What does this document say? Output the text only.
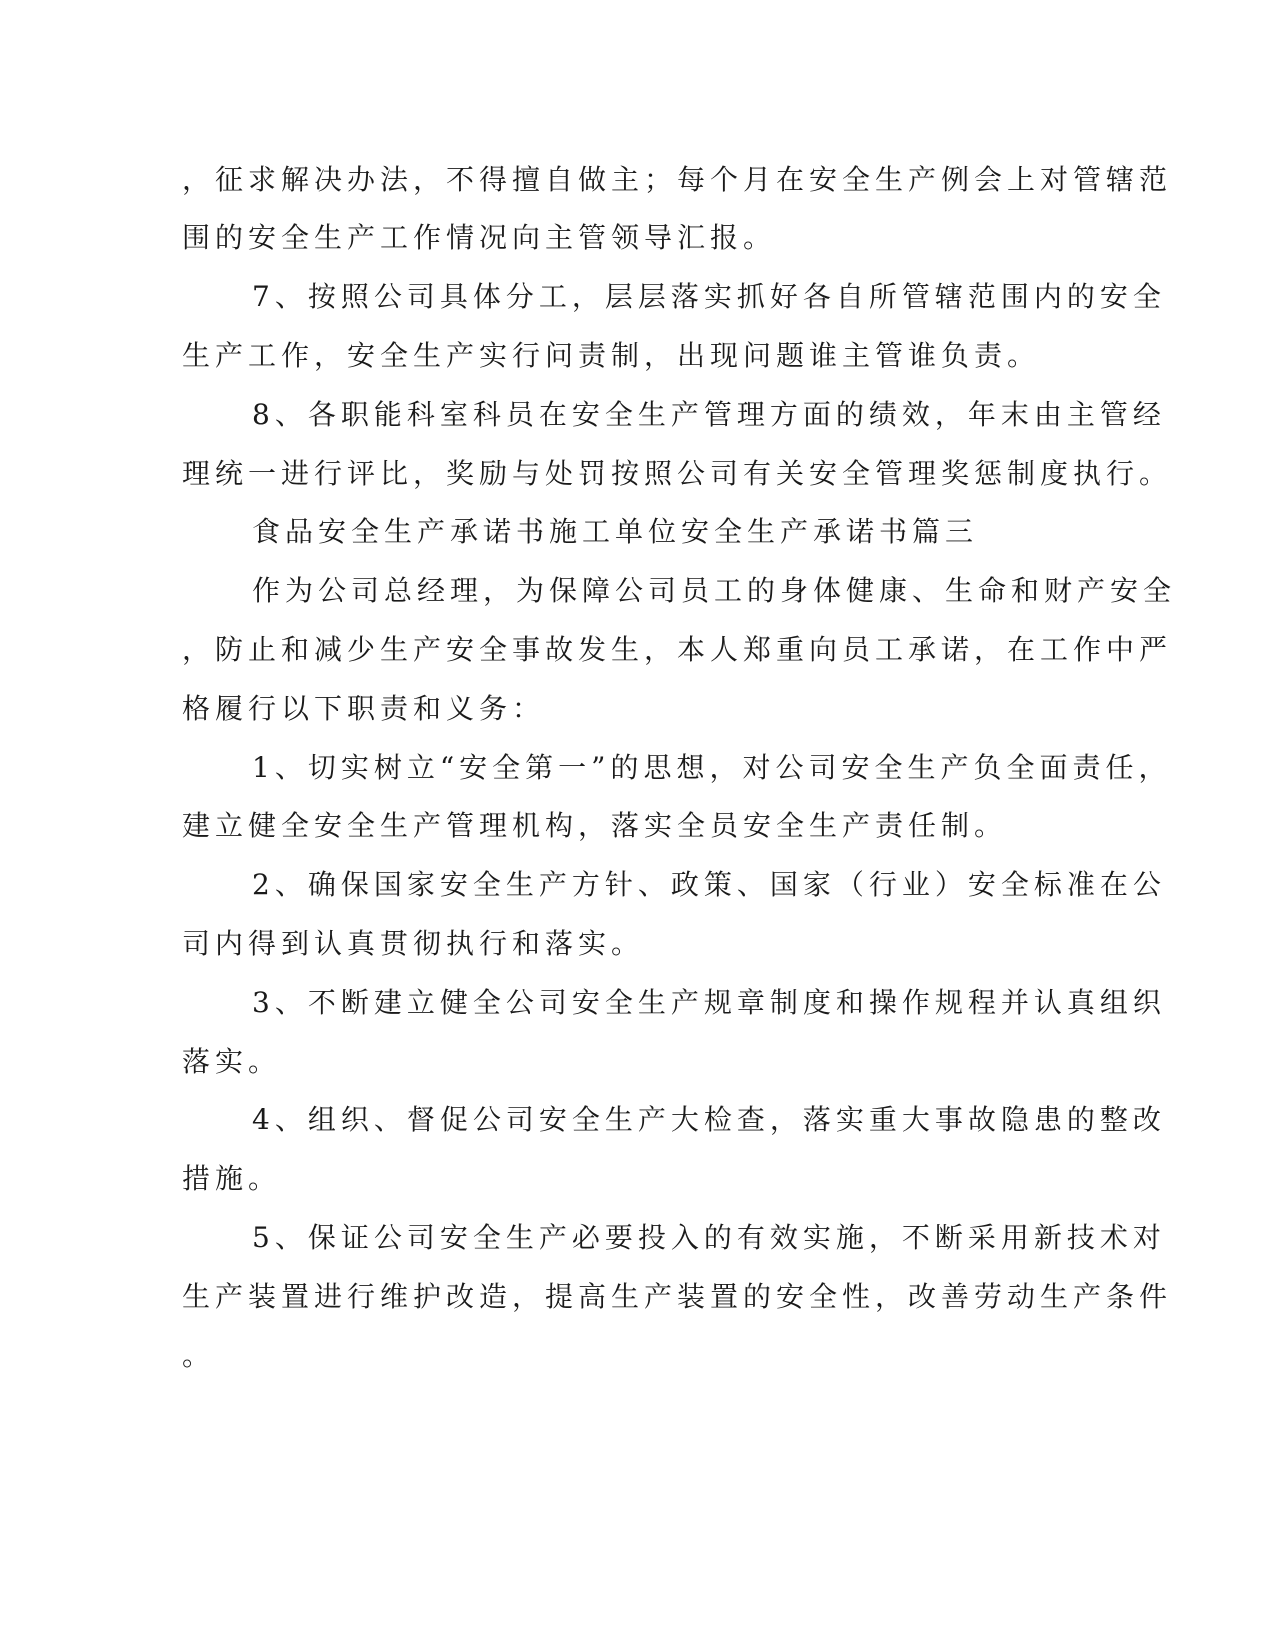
，征求解决办法，不得擅自做主；每个月在安全生产例会上对管辖范
围的安全生产工作情况向主管领导汇报。
7、按照公司具体分工，层层落实抓好各自所管辖范围内的安全
生产工作，安全生产实行问责制，出现问题谁主管谁负责。
8、各职能科室科员在安全生产管理方面的绩效，年末由主管经
理统一进行评比，奖励与处罚按照公司有关安全管理奖惩制度执行。
食品安全生产承诺书施工单位安全生产承诺书篇三
作为公司总经理，为保障公司员工的身体健康、生命和财产安全
，防止和减少生产安全事故发生，本人郑重向员工承诺，在工作中严
格履行以下职责和义务：
1、切实树立“安全第一”的思想，对公司安全生产负全面责任，
建立健全安全生产管理机构，落实全员安全生产责任制。
2、确保国家安全生产方针、政策、国家（行业）安全标准在公
司内得到认真贯彻执行和落实。
3、不断建立健全公司安全生产规章制度和操作规程并认真组织
落实。
4、组织、督促公司安全生产大检查，落实重大事故隐患的整改
措施。
5、保证公司安全生产必要投入的有效实施，不断采用新技术对
生产装置进行维护改造，提高生产装置的安全性，改善劳动生产条件
。
